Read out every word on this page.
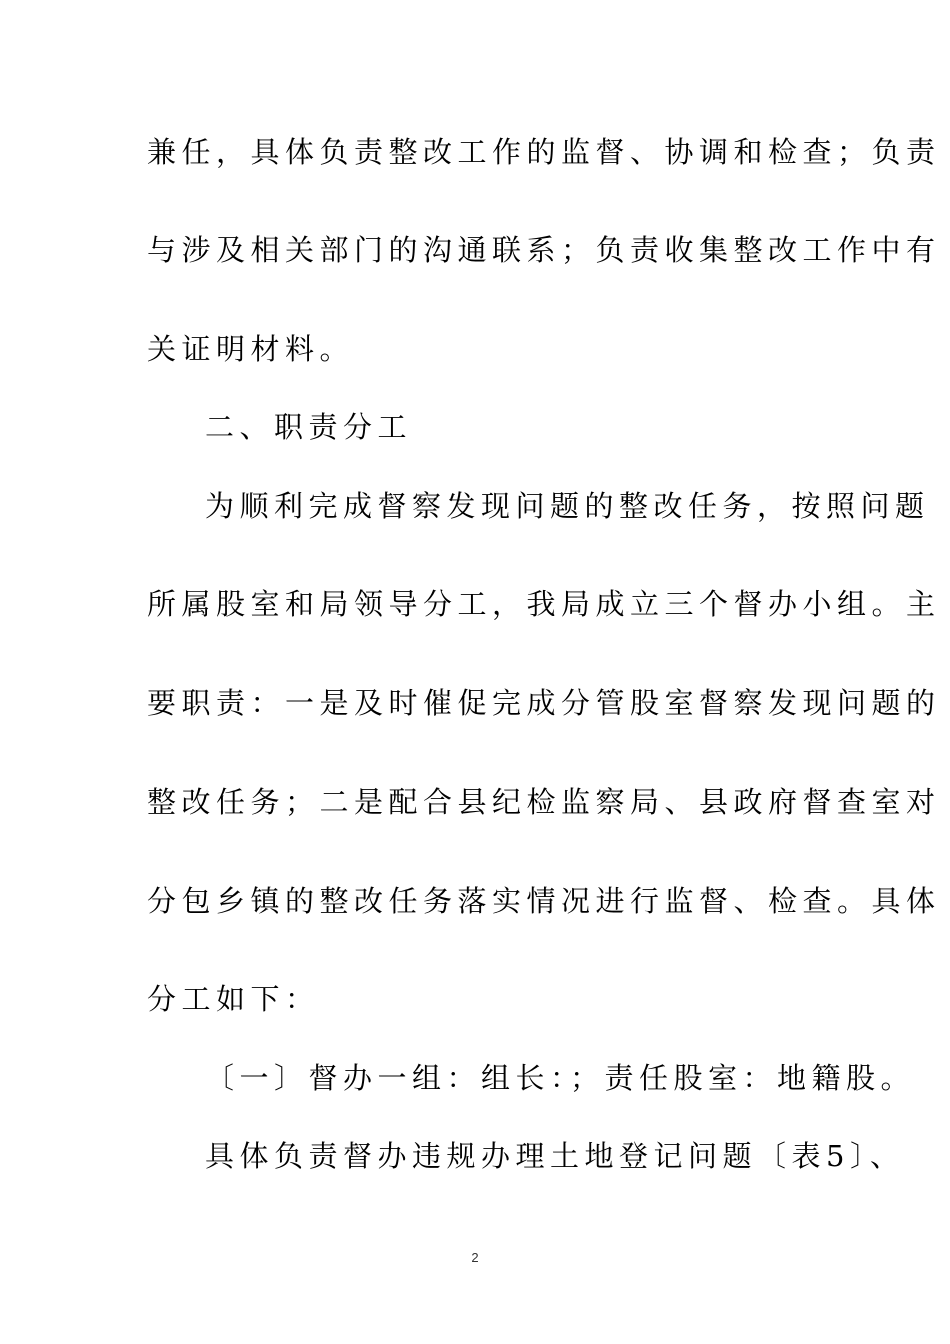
兼任，具体负责整改工作的监督、协调和检查；负责
与涉及相关部门的沟通联系；负责收集整改工作中有
关证明材料。
二、职责分工
为顺利完成督察发现问题的整改任务，按照问题
所属股室和局领导分工，我局成立三个督办小组。主
要职责：一是及时催促完成分管股室督察发现问题的
整改任务；二是配合县纪检监察局、县政府督查室对
分包乡镇的整改任务落实情况进行监督、检查。具体
分工如下：
〔一〕督办一组：组长：；责任股室：地籍股。
具体负责督办违规办理土地登记问题〔表5〕、
2
